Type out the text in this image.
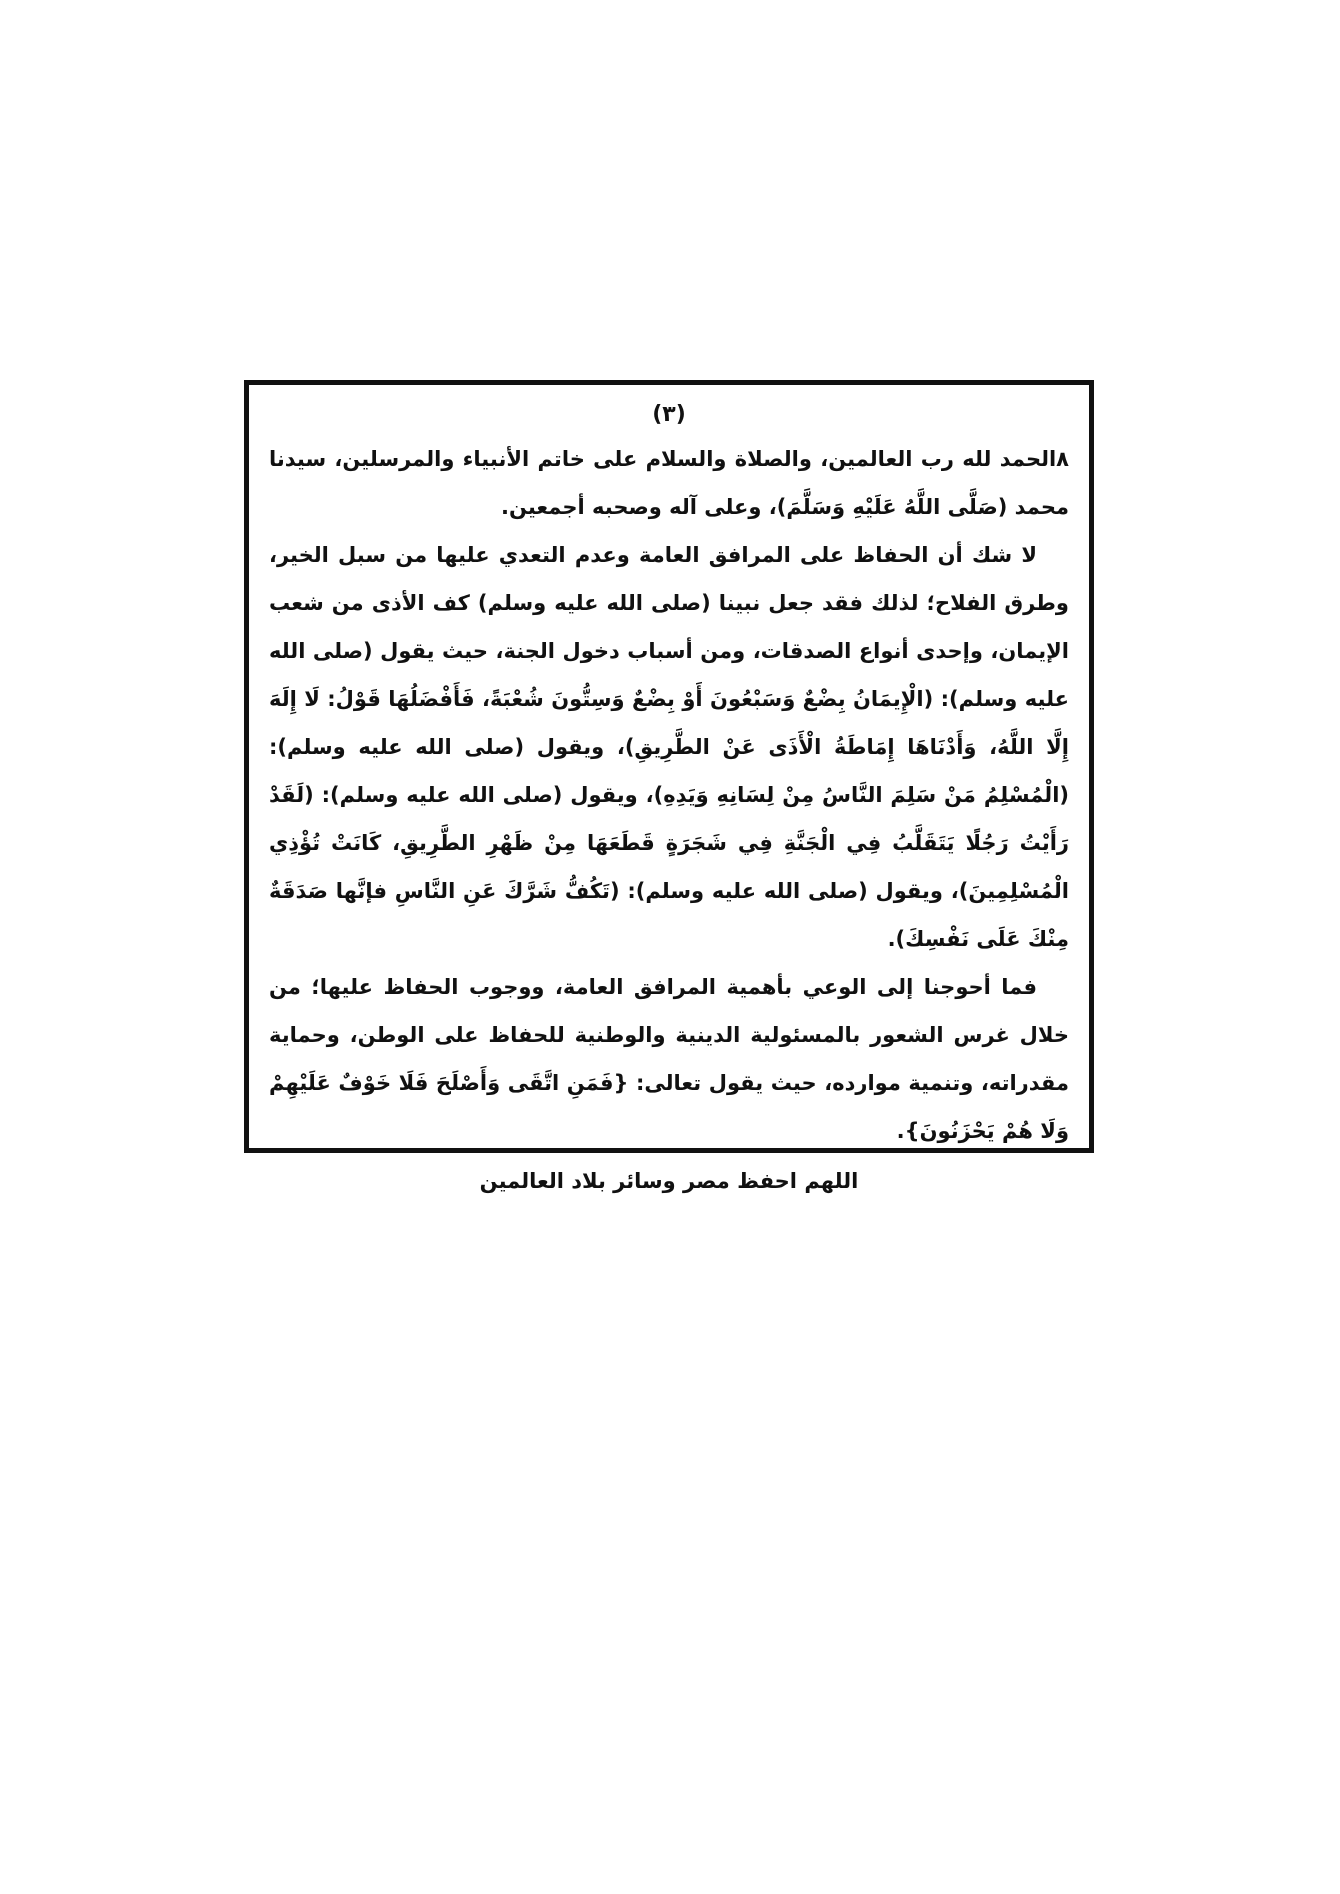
(٣)

٨الحمد لله رب العالمين، والصلاة والسلام على خاتم الأنبياء والمرسلين، سيدنا محمد (صَلَّى اللَّهُ عَلَيْهِ وَسَلَّمَ)، وعلى آله وصحبه أجمعين.

لا شك أن الحفاظ على المرافق العامة وعدم التعدي عليها من سبل الخير، وطرق الفلاح؛ لذلك فقد جعل نبينا (صلى الله عليه وسلم) كف الأذى من شعب الإيمان، وإحدى أنواع الصدقات، ومن أسباب دخول الجنة، حيث يقول (صلى الله عليه وسلم): (الْإِيمَانُ بِضْعٌ وَسَبْعُونَ أَوْ بِضْعٌ وَسِتُّونَ شُعْبَةً، فَأَفْضَلُهَا قَوْلُ: لَا إِلَهَ إِلَّا اللَّهُ، وَأَدْنَاهَا إِمَاطَةُ الْأَذَى عَنْ الطَّرِيقِ)، ويقول (صلى الله عليه وسلم): (الْمُسْلِمُ مَنْ سَلِمَ النَّاسُ مِنْ لِسَانِهِ وَيَدِهِ)، ويقول (صلى الله عليه وسلم): (لَقَدْ رَأَيْتُ رَجُلًا يَتَقَلَّبُ فِي الْجَنَّةِ فِي شَجَرَةٍ قَطَعَهَا مِنْ ظَهْرِ الطَّرِيقِ، كَانَتْ تُؤْذِي الْمُسْلِمِينَ)، ويقول (صلى الله عليه وسلم): (تَكُفُّ شَرَّكَ عَنِ النَّاسِ فإنَّها صَدَقَةٌ مِنْكَ عَلَى نَفْسِكَ).

فما أحوجنا إلى الوعي بأهمية المرافق العامة، ووجوب الحفاظ عليها؛ من خلال غرس الشعور بالمسئولية الدينية والوطنية للحفاظ على الوطن، وحماية مقدراته، وتنمية موارده، حيث يقول تعالى: {فَمَنِ اتَّقَى وَأَصْلَحَ فَلَا خَوْفٌ عَلَيْهِمْ وَلَا هُمْ يَحْزَنُونَ}.

اللهم احفظ مصر وسائر بلاد العالمين
